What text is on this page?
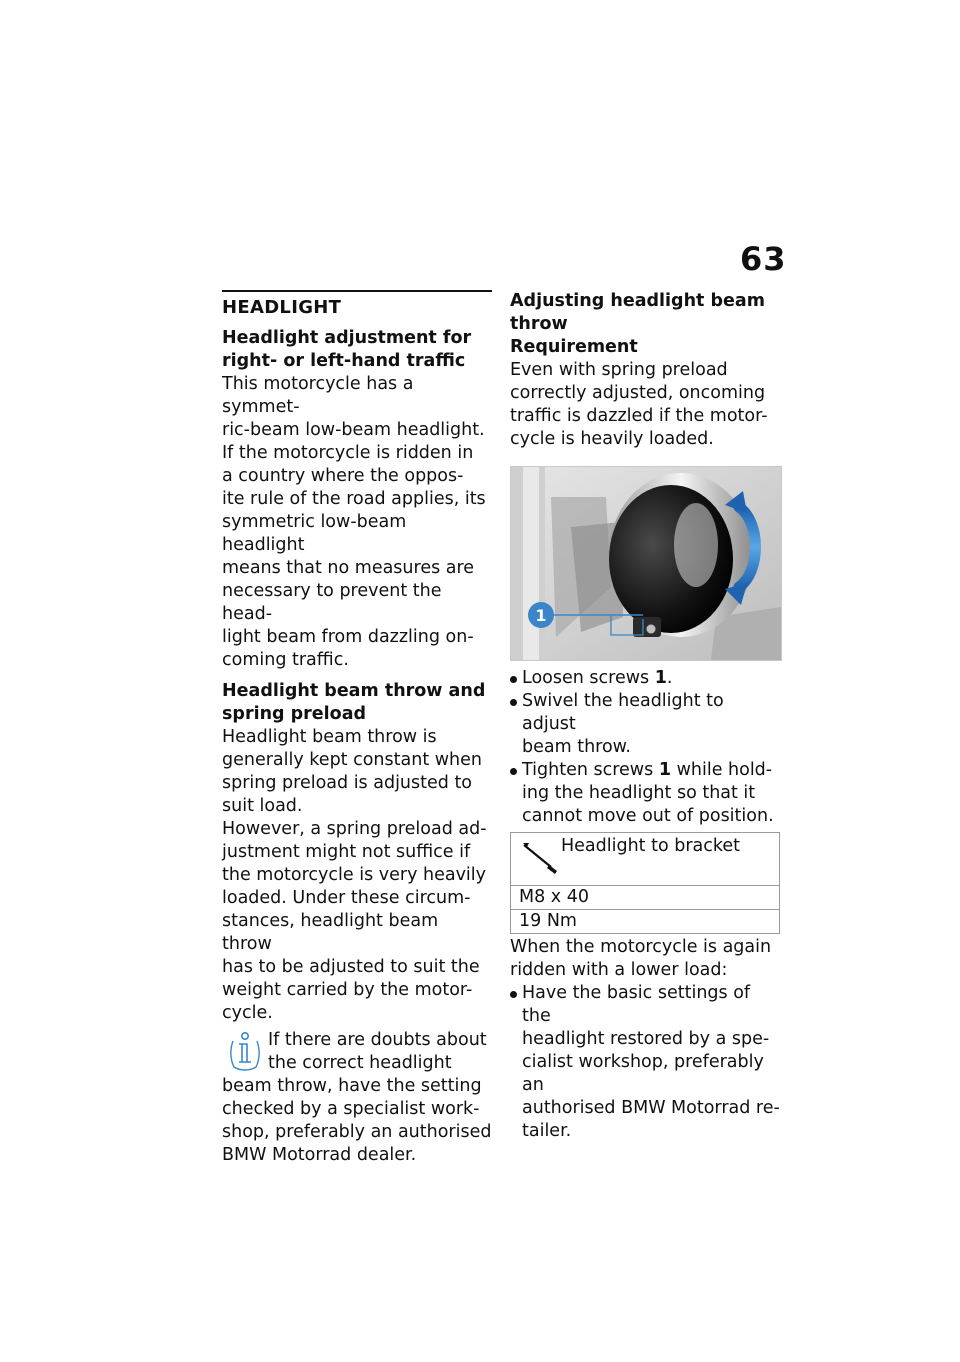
63
HEADLIGHT

Headlight adjustment for
right- or left-hand traffic

This motorcycle has a symmet-
ric-beam low-beam headlight.
If the motorcycle is ridden in
a country where the oppos-
ite rule of the road applies, its
symmetric low-beam headlight
means that no measures are
necessary to prevent the head-
light beam from dazzling on-
coming traffic.

Headlight beam throw and
spring preload

Headlight beam throw is
generally kept constant when
spring preload is adjusted to
suit load.

However, a spring preload ad-
justment might not suffice if
the motorcycle is very heavily
loaded. Under these circum-
stances, headlight beam throw
has to be adjusted to suit the
weight carried by the motor-
cycle.

If there are doubts about
the correct headlight
beam throw, have the setting
checked by a specialist work-
shop, preferably an authorised
BMW Motorrad dealer.

Adjusting headlight beam
throw
Requirement

Even with spring preload
correctly adjusted, oncoming
traffic is dazzled if the motor-
cycle is heavily loaded.

1
Loosen screws 1.
Swivel the headlight to adjust
beam throw.
Tighten screws 1 while hold-
ing the headlight so that it
cannot move out of position.
Headlight to bracket

M8 x 40
19 Nm

When the motorcycle is again
ridden with a lower load:

Have the basic settings of the
headlight restored by a spe-
cialist workshop, preferably an
authorised BMW Motorrad re-
tailer.
